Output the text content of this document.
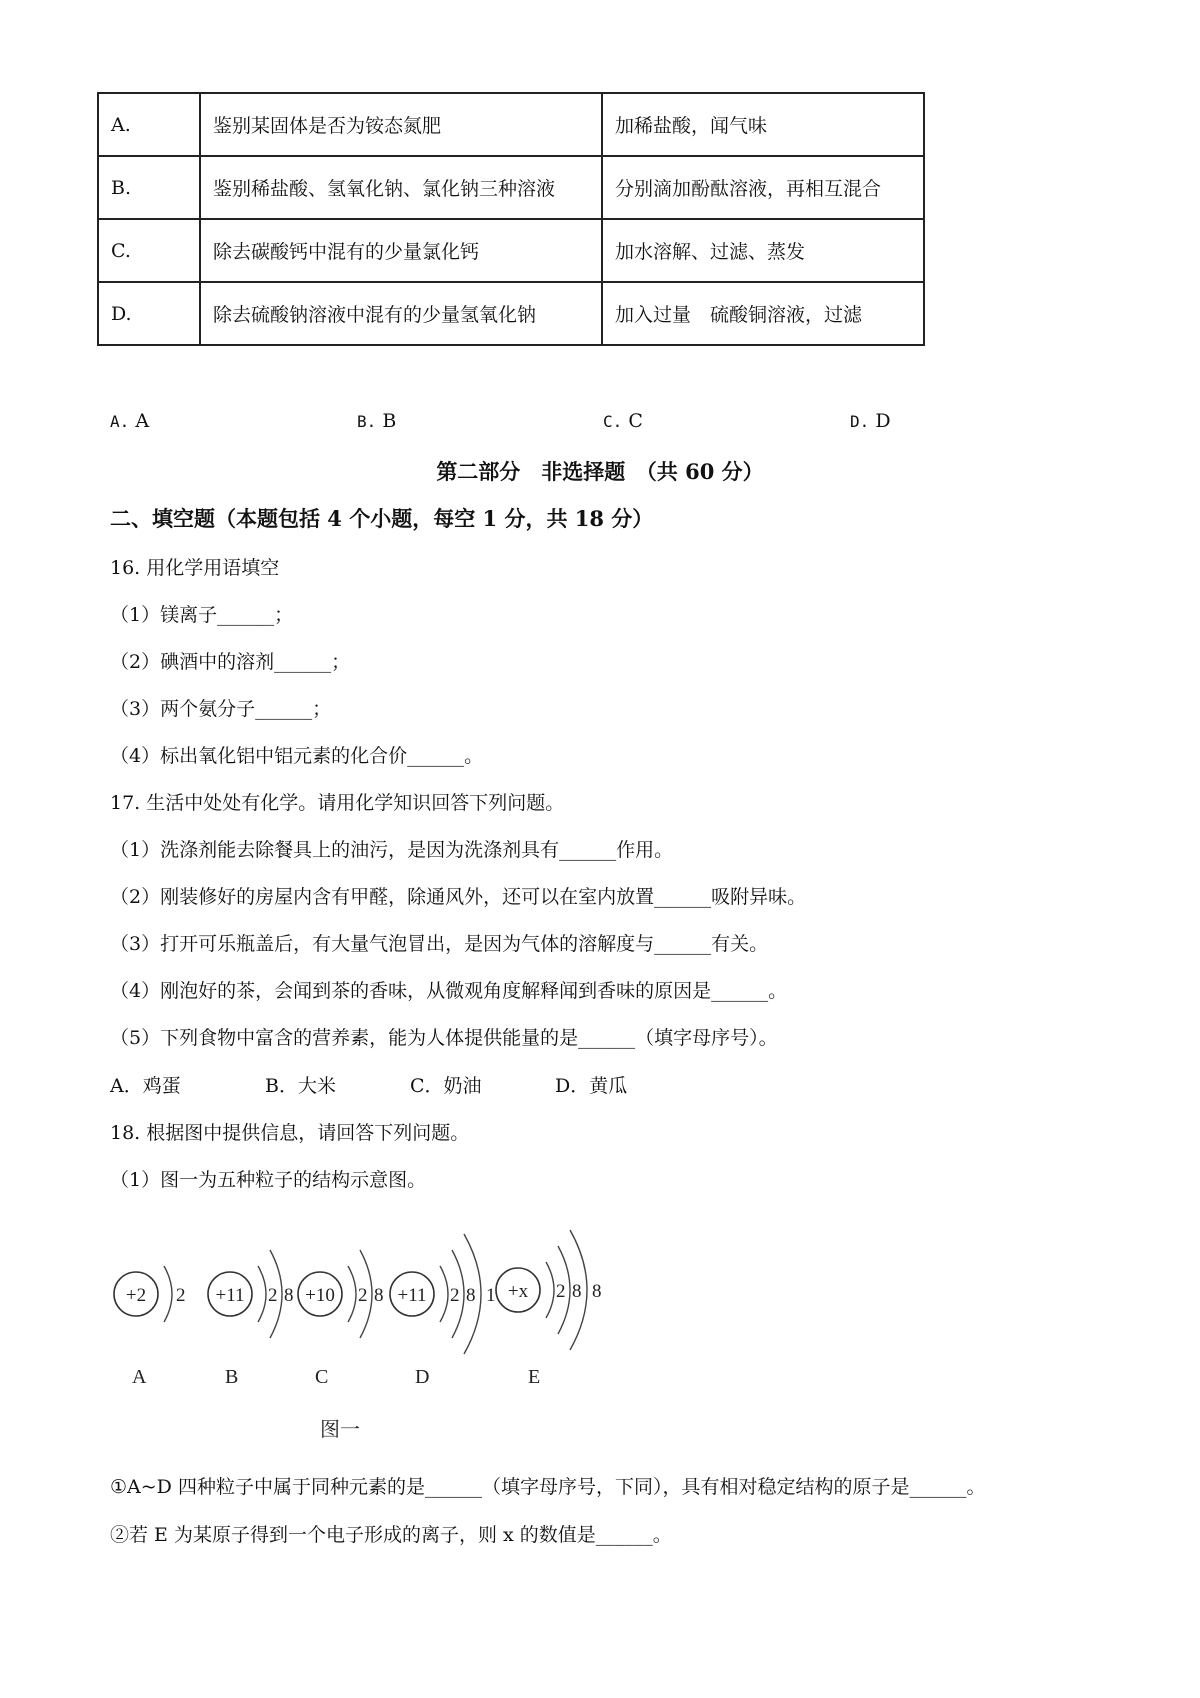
A.	鉴别某固体是否为铵态氮肥	加稀盐酸，闻气味
B.	鉴别稀盐酸、氢氧化钠、氯化钠三种溶液	分别滴加酚酞溶液，再相互混合
C.	除去碳酸钙中混有的少量氯化钙	加水溶解、过滤、蒸发
D.	除去硫酸钠溶液中混有的少量氢氧化钠	加入过量　硫酸铜溶液，过滤
A. A	B. B	C. C	D. D
第二部分　非选择题　（共 60 分）
二、填空题（本题包括 4 个小题，每空 1 分，共 18 分）
16. 用化学用语填空
（1）镁离子______；
（2）碘酒中的溶剂______；
（3）两个氨分子______；
（4）标出氧化铝中铝元素的化合价______。
17. 生活中处处有化学。请用化学知识回答下列问题。
（1）洗涤剂能去除餐具上的油污，是因为洗涤剂具有______作用。
（2）刚装修好的房屋内含有甲醛，除通风外，还可以在室内放置______吸附异味。
（3）打开可乐瓶盖后，有大量气泡冒出，是因为气体的溶解度与______有关。
（4）刚泡好的茶，会闻到茶的香味，从微观角度解释闻到香味的原因是______。
（5）下列食物中富含的营养素，能为人体提供能量的是______（填字母序号）。
A．鸡蛋	B．大米	C．奶油	D．黄瓜
18. 根据图中提供信息，请回答下列问题。
（1）图一为五种粒子的结构示意图。
+2 2
A
+11 2 8
B
+10 2 8
C
+11 2 8 1
D
+x 2 8 8
E
图一
①A~D 四种粒子中属于同种元素的是______（填字母序号，下同），具有相对稳定结构的原子是______。
②若 E 为某原子得到一个电子形成的离子，则 x 的数值是______。
